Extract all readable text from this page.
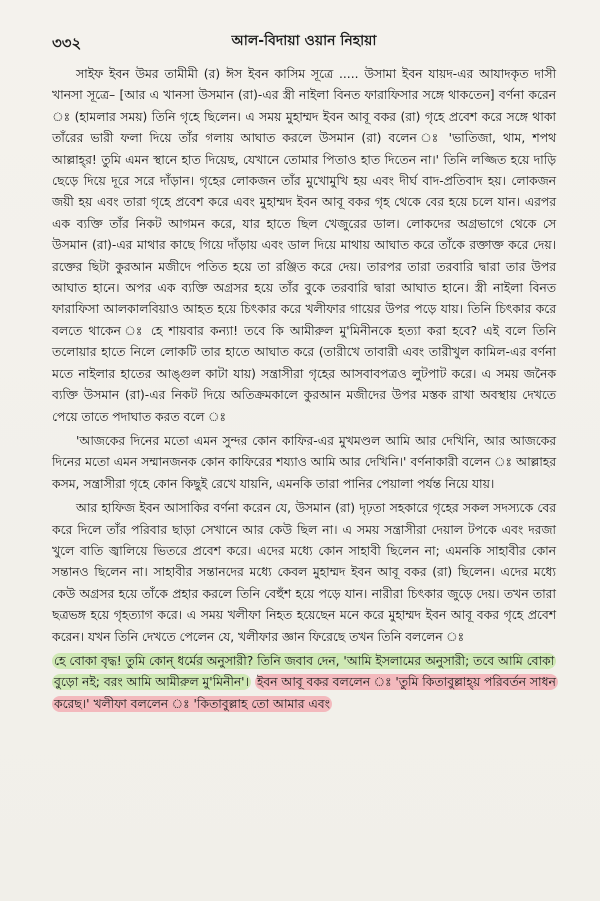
৩৩২	আল-বিদায়া ওয়ান নিহায়া

সাইফ ইবন উমর তামীমী (র) ঈস ইবন কাসিম সূত্রে ..... উসামা ইবন যায়দ-এর আযাদকৃত দাসী খানসা সূত্রে– [আর এ খানসা উসমান (রা)-এর স্ত্রী নাইলা বিনত ফারাফিসার সঙ্গে থাকতেন] বর্ণনা করেন ঃ (হামলার সময়) তিনি গৃহে ছিলেন। এ সময় মুহাম্মদ ইবন আবূ বকর (রা) গৃহে প্রবেশ করে সঙ্গে থাকা তাঁরের ভারী ফলা দিয়ে তাঁর গলায় আঘাত করলে উসমান (রা) বলেন ঃ 'ভাতিজা, থাম, শপথ আল্লাহ্‌র! তুমি এমন স্থানে হাত দিয়েছ, যেখানে তোমার পিতাও হাত দিতেন না।' তিনি লজ্জিত হয়ে দাড়ি ছেড়ে দিয়ে দূরে সরে দাঁড়ান। গৃহের লোকজন তাঁর মুখোমুখি হয় এবং দীর্ঘ বাদ-প্রতিবাদ হয়। লোকজন জয়ী হয় এবং তারা গৃহে প্রবেশ করে এবং মুহাম্মদ ইবন আবূ বকর গৃহ থেকে বের হয়ে চলে যান। এরপর এক ব্যক্তি তাঁর নিকট আগমন করে, যার হাতে ছিল খেজুরের ডাল। লোকদের অগ্রভাগে থেকে সে উসমান (রা)-এর মাথার কাছে গিয়ে দাঁড়ায় এবং ডাল দিয়ে মাথায় আঘাত করে তাঁকে রক্তাক্ত করে দেয়। রক্তের ছিটা কুরআন মজীদে পতিত হয়ে তা রঞ্জিত করে দেয়। তারপর তারা তরবারি দ্বারা তার উপর আঘাত হানে। অপর এক ব্যক্তি অগ্রসর হয়ে তাঁর বুকে তরবারি দ্বারা আঘাত হানে। স্ত্রী নাইলা বিনত ফারাফিসা আলকালবিয়াও আহত হয়ে চিৎকার করে খলীফার গায়ের উপর পড়ে যায়। তিনি চিৎকার করে বলতে থাকেন ঃ হে শায়বার কন্যা! তবে কি আমীরুল মু'মিনীনকে হত্যা করা হবে? এই বলে তিনি তলোয়ার হাতে নিলে লোকটি তার হাতে আঘাত করে (তারীখে তাবারী এবং তারীখুল কামিল-এর বর্ণনা মতে নাইলার হাতের আঙ্গুল কাটা যায়) সন্ত্রাসীরা গৃহের আসবাবপত্রও লুটপাট করে। এ সময় জনৈক ব্যক্তি উসমান (রা)-এর নিকট দিয়ে অতিক্রমকালে কুরআন মজীদের উপর মস্তক রাখা অবস্থায় দেখতে পেয়ে তাতে পদাঘাত করত বলে ঃ

'আজকের দিনের মতো এমন সুন্দর কোন কাফির-এর মুখমণ্ডল আমি আর দেখিনি, আর আজকের দিনের মতো এমন সম্মানজনক কোন কাফিরের শয্যাও আমি আর দেখিনি।' বর্ণনাকারী বলেন ঃ আল্লাহর কসম, সন্ত্রাসীরা গৃহে কোন কিছুই রেখে যায়নি, এমনকি তারা পানির পেয়ালা পর্যন্ত নিয়ে যায়।

আর হাফিজ ইবন আসাকির বর্ণনা করেন যে, উসমান (রা) দৃঢ়তা সহকারে গৃহের সকল সদস্যকে বের করে দিলে তাঁর পরিবার ছাড়া সেখানে আর কেউ ছিল না। এ সময় সন্ত্রাসীরা দেয়াল টপকে এবং দরজা খুলে বাতি জ্বালিয়ে ভিতরে প্রবেশ করে। এদের মধ্যে কোন সাহাবী ছিলেন না; এমনকি সাহাবীর কোন সন্তানও ছিলেন না। সাহাবীর সন্তানদের মধ্যে কেবল মুহাম্মদ ইবন আবূ বকর (রা) ছিলেন। এদের মধ্যে কেউ অগ্রসর হয়ে তাঁকে প্রহার করলে তিনি বেহুঁশ হয়ে পড়ে যান। নারীরা চিৎকার জুড়ে দেয়। তখন তারা ছত্রভঙ্গ হয়ে গৃহত্যাগ করে। এ সময় খলীফা নিহত হয়েছেন মনে করে মুহাম্মদ ইবন আবূ বকর গৃহে প্রবেশ করেন। যখন তিনি দেখতে পেলেন যে, খলীফার জ্ঞান ফিরেছে তখন তিনি বললেন ঃ

হে বোকা বৃদ্ধ! তুমি কোন্ ধর্মের অনুসারী? তিনি জবাব দেন, 'আমি ইসলামের অনুসারী; তবে আমি বোকা বুড়ো নই; বরং আমি আমীরুল মু'মিনীন'। ইবন আবূ বকর বললেন ঃ 'তুমি কিতাবুল্লাহ্‌য় পরিবর্তন সাধন করেছ।' খলীফা বললেন ঃ 'কিতাবুল্লাহ তো আমার এবং
